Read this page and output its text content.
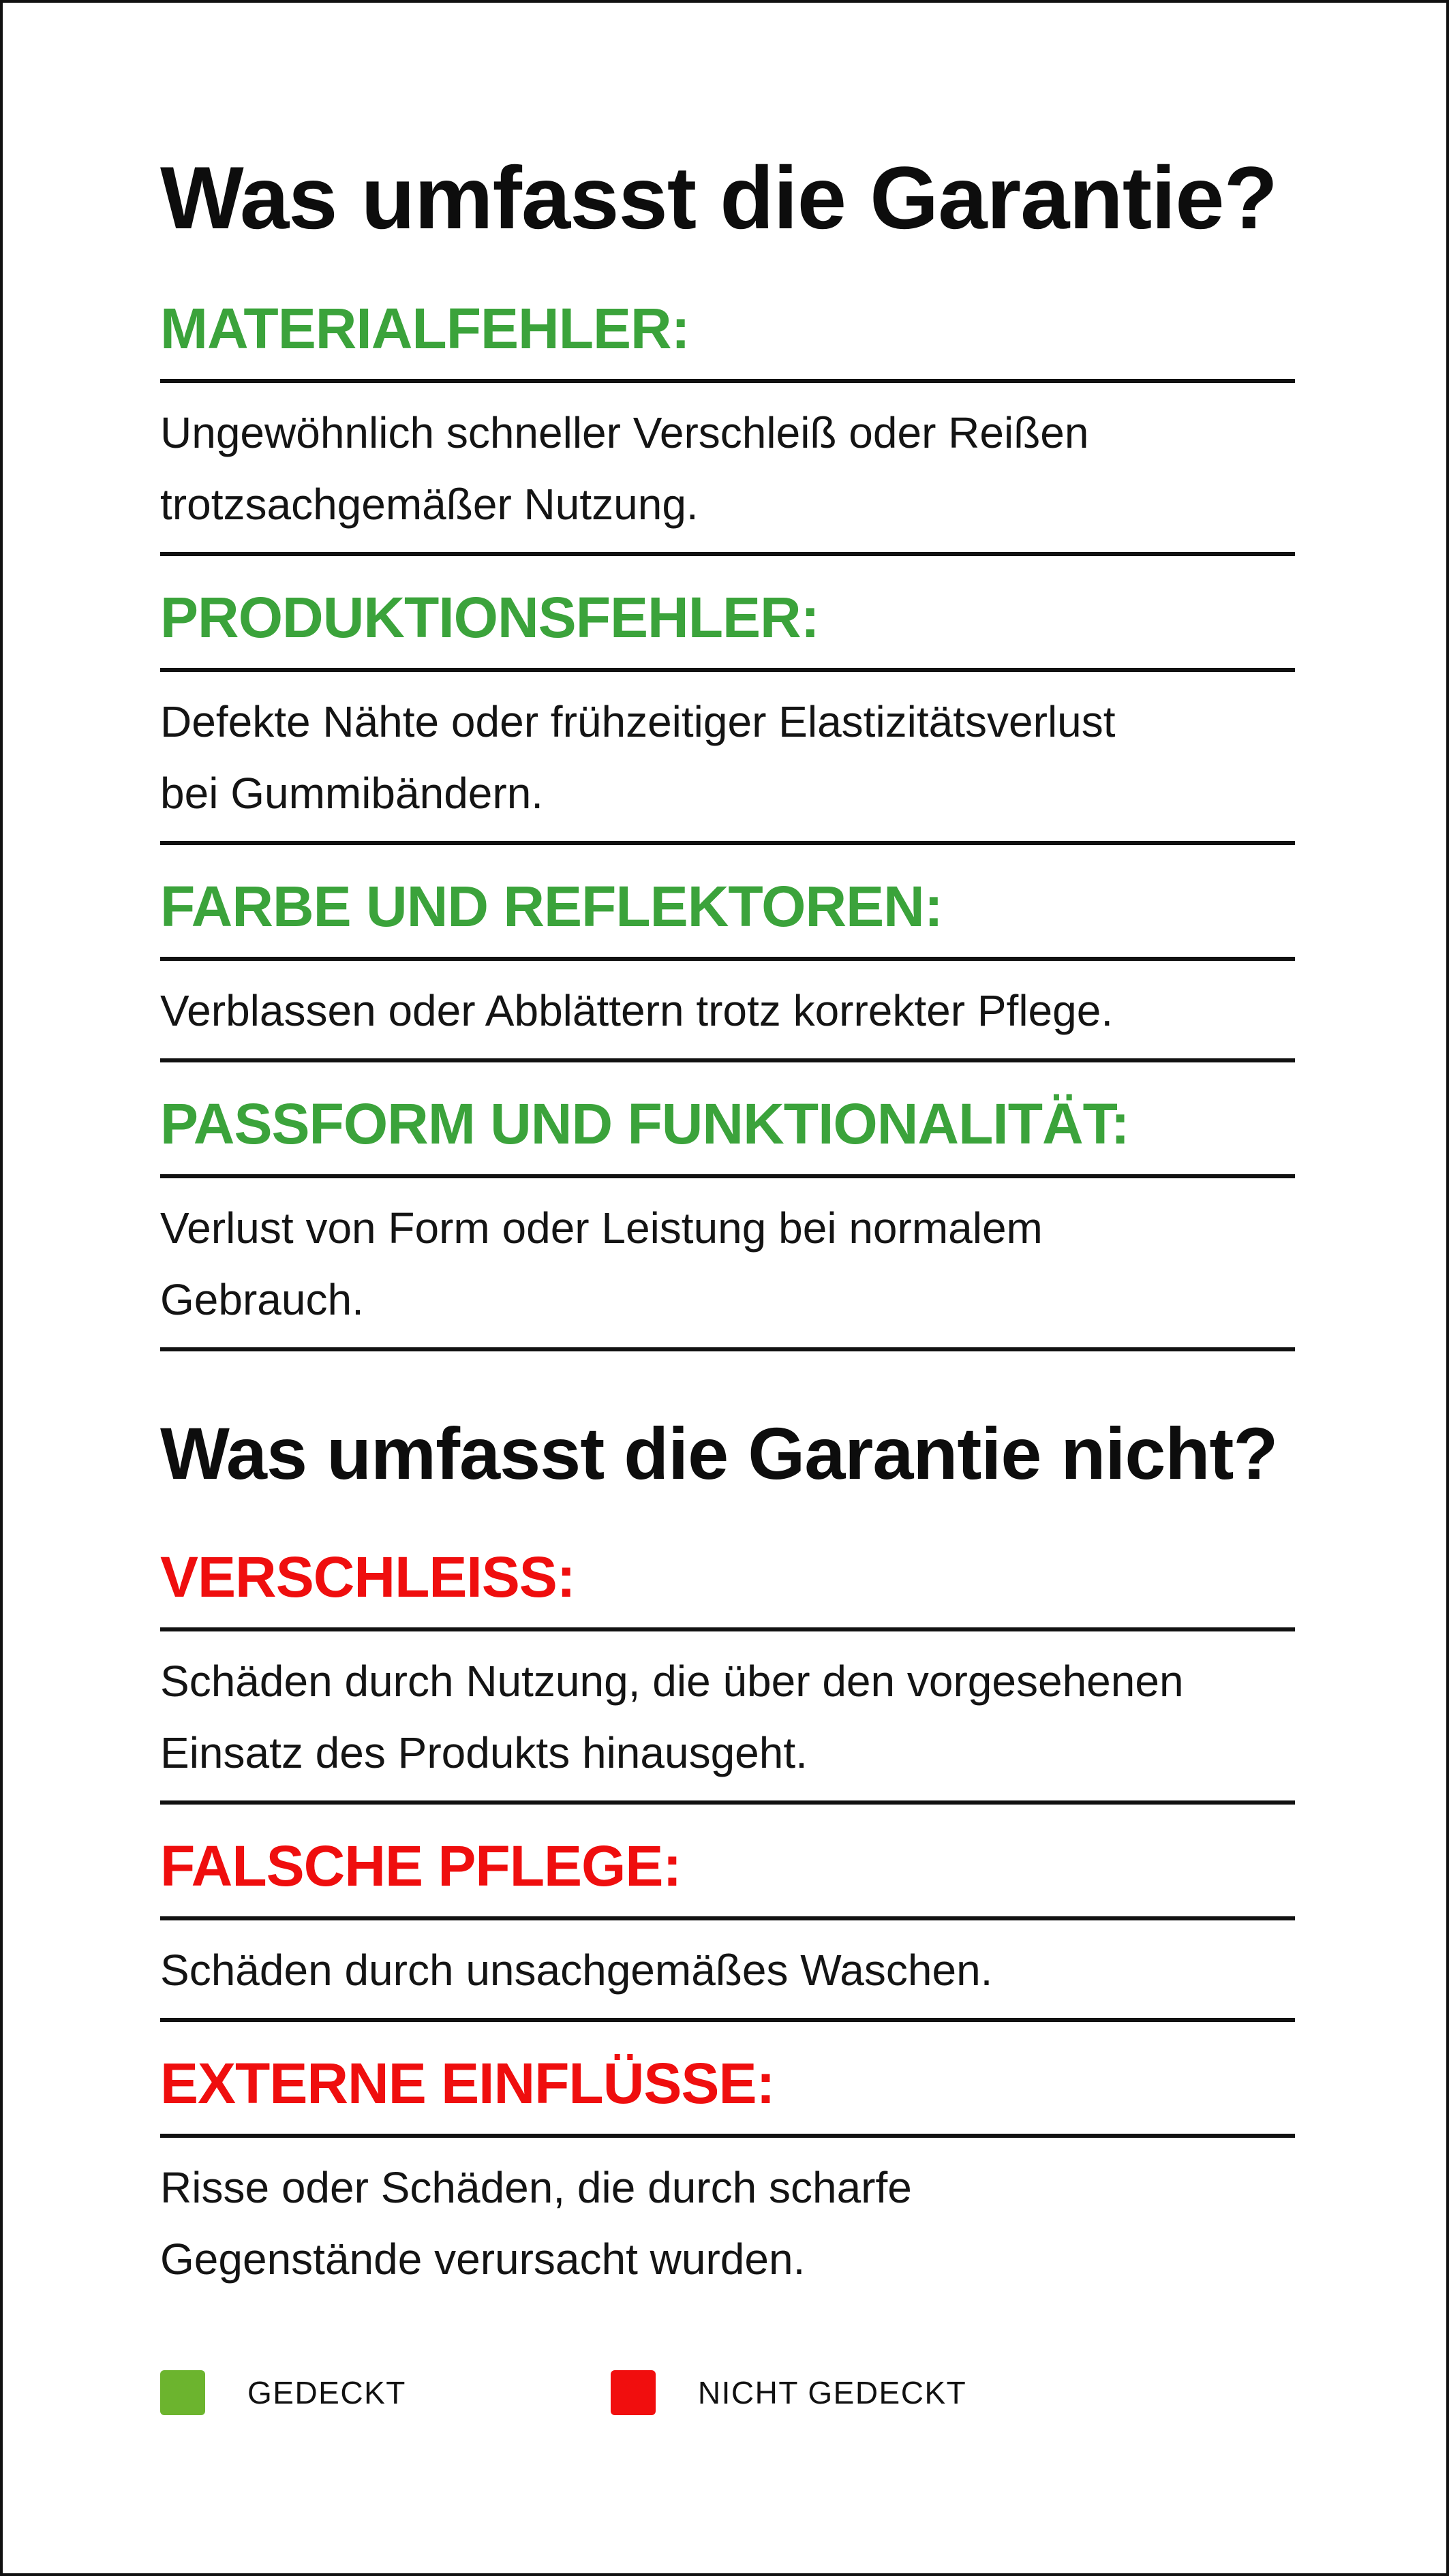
Was umfasst die Garantie?
MATERIALFEHLER:

Ungewöhnlich schneller Verschleiß oder Reißen
trotzsachgemäßer Nutzung.

PRODUKTIONSFEHLER:

Defekte Nähte oder frühzeitiger Elastizitätsverlust
bei Gummibändern.

FARBE UND REFLEKTOREN:

Verblassen oder Abblättern trotz korrekter Pflege.

PASSFORM UND FUNKTIONALITÄT:

Verlust von Form oder Leistung bei normalem
Gebrauch.

Was umfasst die Garantie nicht?
VERSCHLEISS:

Schäden durch Nutzung, die über den vorgesehenen
Einsatz des Produkts hinausgeht.

FALSCHE PFLEGE:

Schäden durch unsachgemäßes Waschen.

EXTERNE EINFLÜSSE:

Risse oder Schäden, die durch scharfe
Gegenstände verursacht wurden.

GEDECKT	NICHT GEDECKT
